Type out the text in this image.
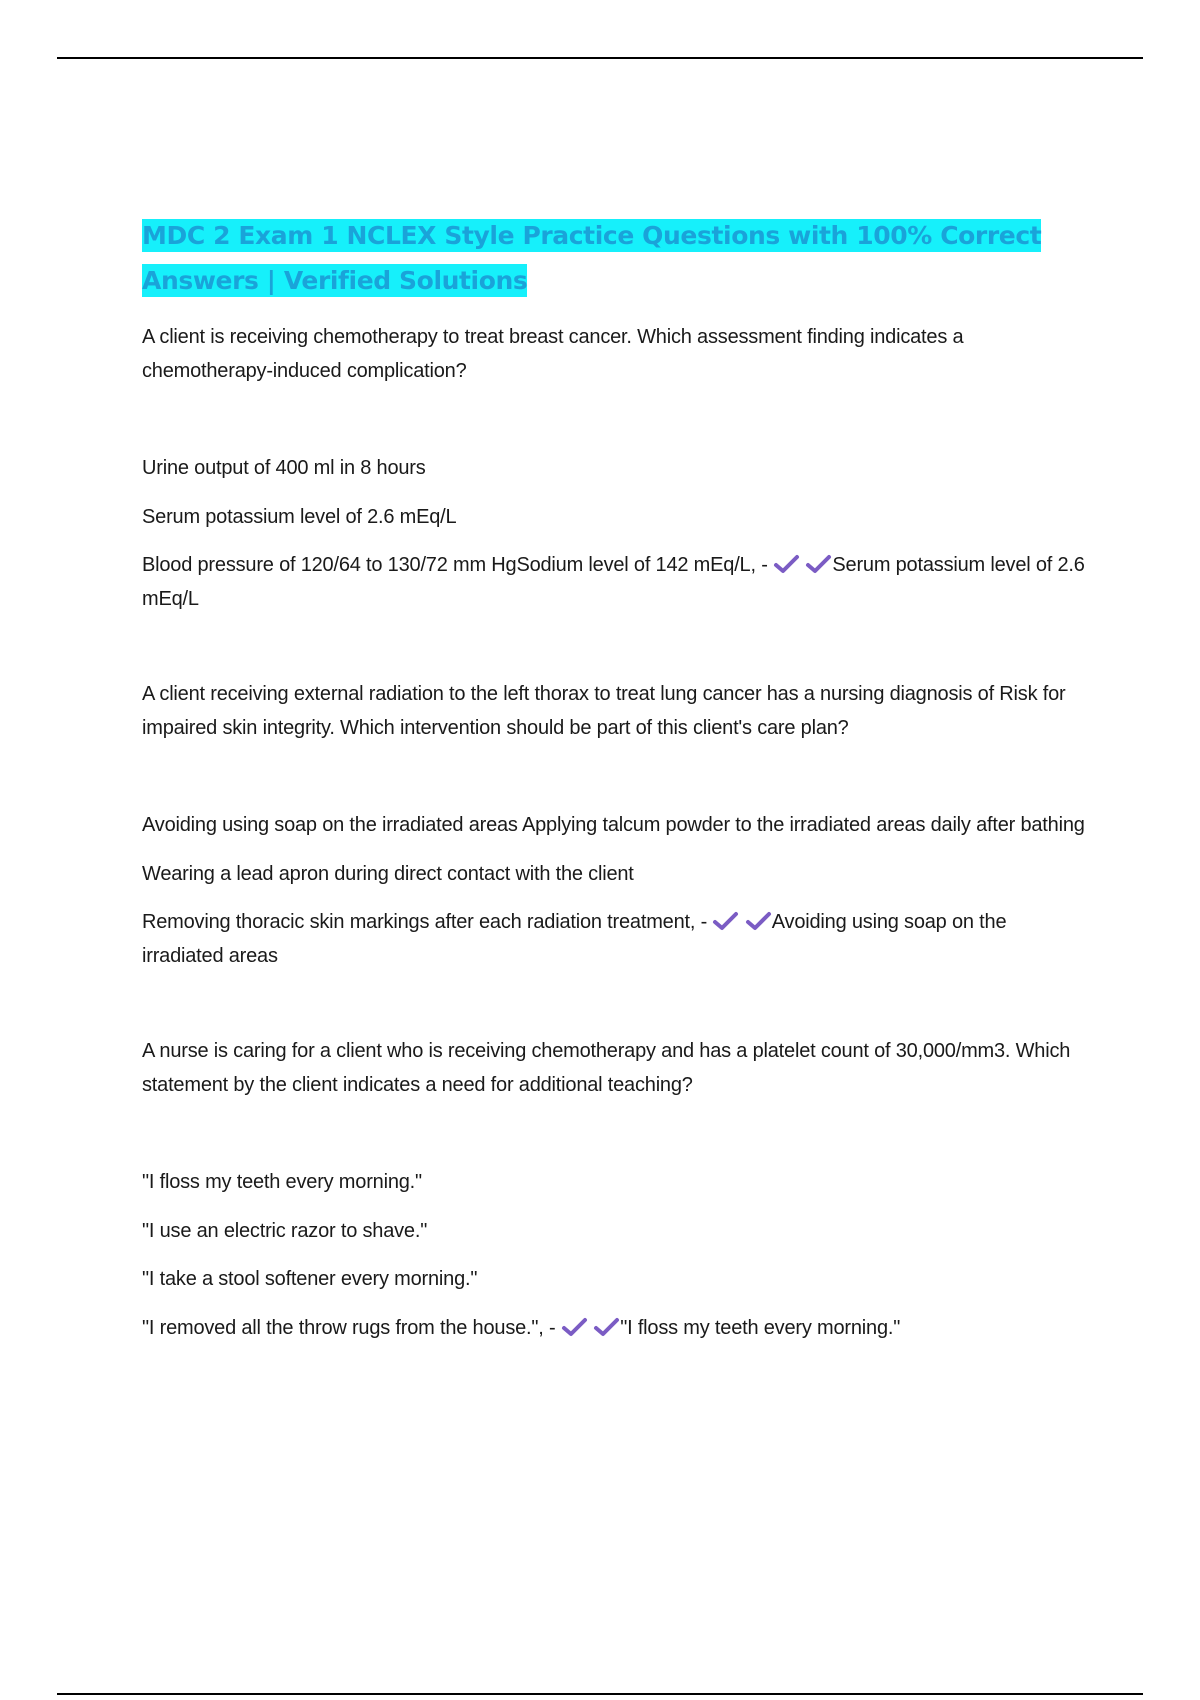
MDC 2 Exam 1 NCLEX Style Practice Questions with 100% Correct Answers | Verified Solutions

A client is receiving chemotherapy to treat breast cancer. Which assessment finding indicates a chemotherapy-induced complication?

Urine output of 400 ml in 8 hours

Serum potassium level of 2.6 mEq/L

Blood pressure of 120/64 to 130/72 mm HgSodium level of 142 mEq/L, -
	Serum potassium level of 2.6 mEq/L

A client receiving external radiation to the left thorax to treat lung cancer has a nursing diagnosis of Risk for impaired skin integrity. Which intervention should be part of this client's care plan?

Avoiding using soap on the irradiated areas Applying talcum powder to the irradiated areas daily after bathing

Wearing a lead apron during direct contact with the client

Removing thoracic skin markings after each radiation treatment, -
	Avoiding using soap on the irradiated areas

A nurse is caring for a client who is receiving chemotherapy and has a platelet count of 30,000/mm3. Which statement by the client indicates a need for additional teaching?

"I floss my teeth every morning."

"I use an electric razor to shave."

"I take a stool softener every morning."

"I removed all the throw rugs from the house.", -
	"I floss my teeth every morning."
